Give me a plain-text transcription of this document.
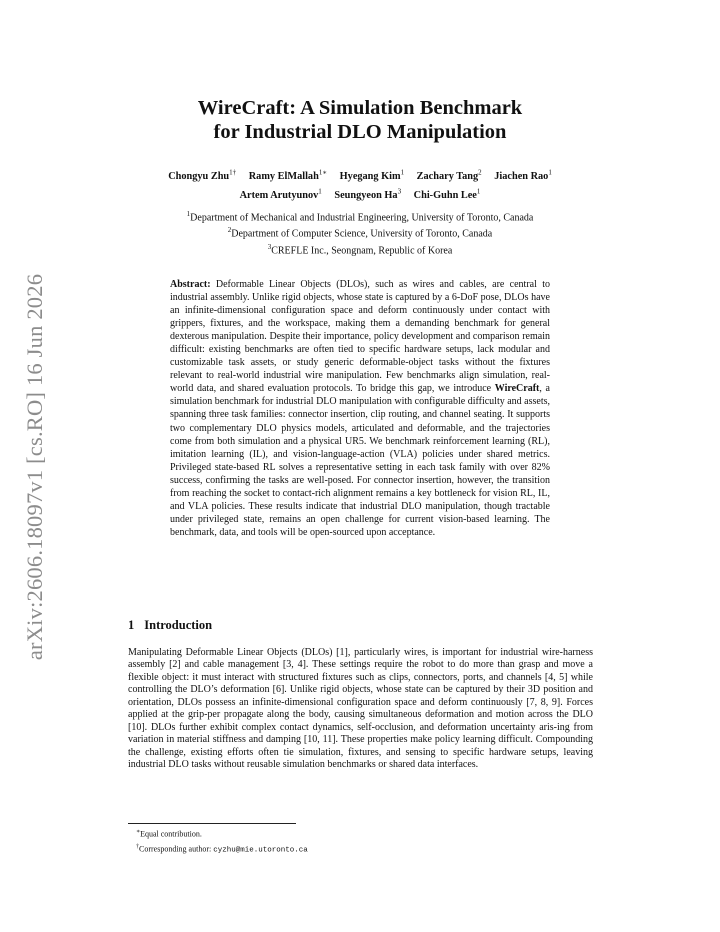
arXiv:2606.18097v1 [cs.RO] 16 Jun 2026
WireCraft: A Simulation Benchmark
for Industrial DLO Manipulation
Chongyu Zhu$^{1\dagger}$ Ramy ElMallah$^{1∗}$ Hyegang Kim$^1$ Zachary Tang$^2$ Jiachen Rao$^1$
Artem Arutyunov$^1$ Seungyeon Ha$^3$ Chi-Guhn Lee$^1$
$^1$Department of Mechanical and Industrial Engineering, University of Toronto, Canada
$^2$Department of Computer Science, University of Toronto, Canada
$^3$CREFLE Inc., Seongnam, Republic of Korea
Abstract: Deformable Linear Objects (DLOs), such as wires and cables, are central to industrial assembly. Unlike rigid objects, whose state is captured by a 6-DoF pose, DLOs have an infinite-dimensional configuration space and deform continuously under contact with grippers, fixtures, and the workspace, making them a demanding benchmark for general dexterous manipulation. Despite their importance, policy development and comparison remain difficult: existing benchmarks are often tied to specific hardware setups, lack modular and customizable task assets, or study generic deformable-object tasks without the fixtures relevant to real-world industrial wire manipulation. Few benchmarks align simulation, real-world data, and shared evaluation protocols. To bridge this gap, we introduce WireCraft, a simulation benchmark for industrial DLO manipulation with configurable difficulty and assets, spanning three task families: connector insertion, clip routing, and channel seating. It supports two complementary DLO physics models, articulated and deformable, and the trajectories come from both simulation and a physical UR5. We benchmark reinforcement learning (RL), imitation learning (IL), and vision-language-action (VLA) policies under shared metrics. Privileged state-based RL solves a representative setting in each task family with over 82% success, confirming the tasks are well-posed. For connector insertion, however, the transition from reaching the socket to contact-rich alignment remains a key bottleneck for vision RL, IL, and VLA policies. These results indicate that industrial DLO manipulation, though tractable under privileged state, remains an open challenge for current vision-based learning. The benchmark, data, and tools will be open-sourced upon acceptance.
1 Introduction
Manipulating Deformable Linear Objects (DLOs) [1], particularly wires, is important for industrial wire-harness assembly [2] and cable management [3, 4]. These settings require the robot to do more than grasp and move a flexible object: it must interact with structured fixtures such as clips, connectors, ports, and channels [4, 5] while controlling the DLO’s deformation [6]. Unlike rigid objects, whose state can be captured by their 3D position and orientation, DLOs possess an infinite-dimensional configuration space and deform continuously [7, 8, 9]. Forces applied at the grip-per propagate along the body, causing simultaneous deformation and motion across the DLO [10]. DLOs further exhibit complex contact dynamics, self-occlusion, and deformation uncertainty aris-ing from variation in material stiffness and damping [10, 11]. These properties make policy learning difficult. Compounding the challenge, existing efforts often tie simulation, fixtures, and sensing to specific hardware setups, leaving industrial DLO tasks without reusable simulation benchmarks or shared data interfaces.
∗Equal contribution.
†Corresponding author: cyzhu@mie.utoronto.ca
